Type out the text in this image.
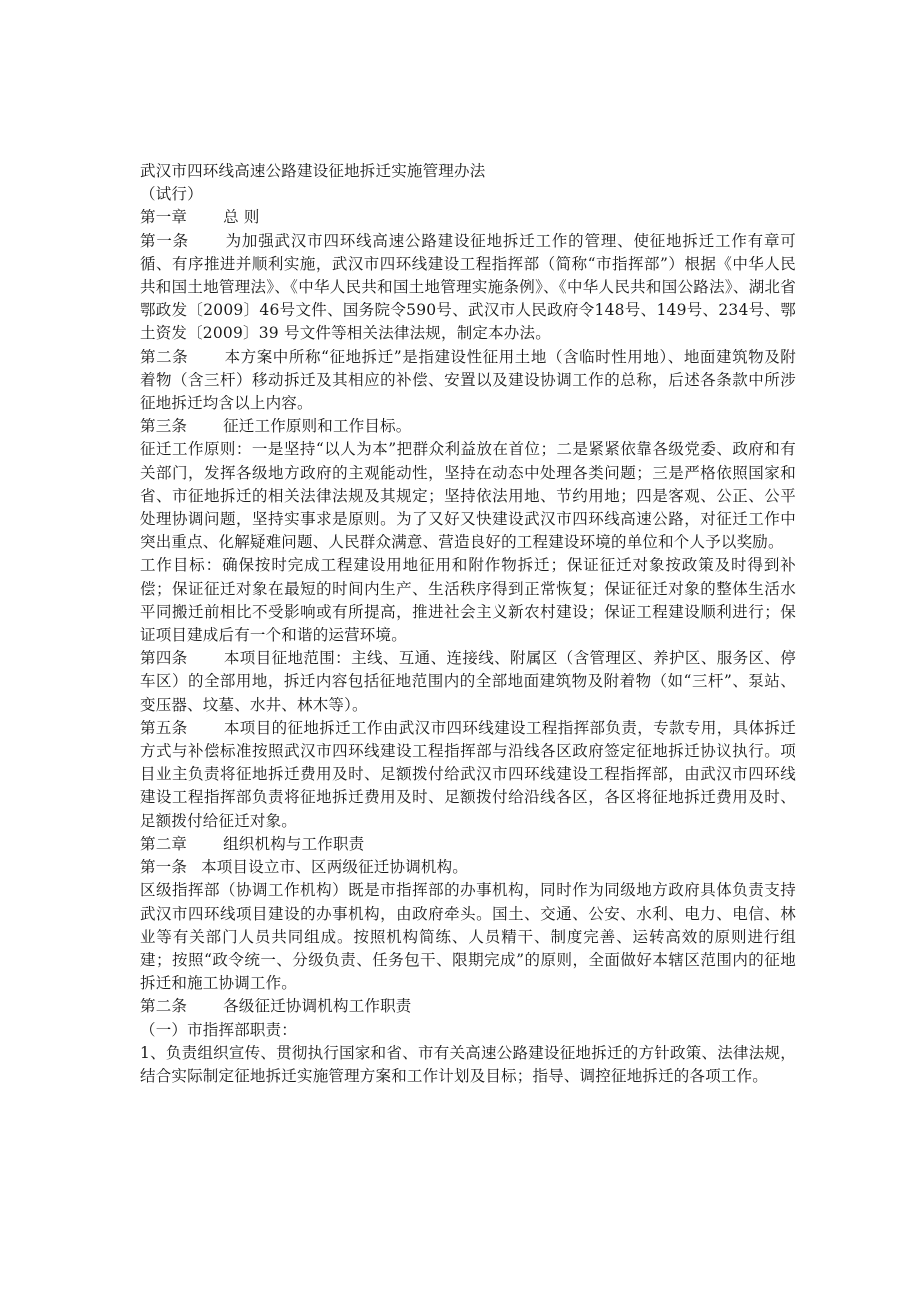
武汉市四环线高速公路建设征地拆迁实施管理办法

（试行）

第一章 总 则

第一条 为加强武汉市四环线高速公路建设征地拆迁工作的管理、使征地拆迁工作有章可循、有序推进并顺利实施，武汉市四环线建设工程指挥部（简称“市指挥部”）根据《中华人民共和国土地管理法》、《中华人民共和国土地管理实施条例》、《中华人民共和国公路法》、湖北省鄂政发〔2009〕46号文件、国务院令590号、武汉市人民政府令148号、149号、234号、鄂土资发〔2009〕39 号文件等相关法律法规，制定本办法。

第二条 本方案中所称“征地拆迁”是指建设性征用土地（含临时性用地）、地面建筑物及附着物（含三杆）移动拆迁及其相应的补偿、安置以及建设协调工作的总称，后述各条款中所涉征地拆迁均含以上内容。

第三条 征迁工作原则和工作目标。

征迁工作原则：一是坚持“以人为本”把群众利益放在首位；二是紧紧依靠各级党委、政府和有关部门，发挥各级地方政府的主观能动性，坚持在动态中处理各类问题；三是严格依照国家和省、市征地拆迁的相关法律法规及其规定；坚持依法用地、节约用地；四是客观、公正、公平处理协调问题，坚持实事求是原则。为了又好又快建设武汉市四环线高速公路，对征迁工作中突出重点、化解疑难问题、人民群众满意、营造良好的工程建设环境的单位和个人予以奖励。

工作目标：确保按时完成工程建设用地征用和附作物拆迁；保证征迁对象按政策及时得到补偿；保证征迁对象在最短的时间内生产、生活秩序得到正常恢复；保证征迁对象的整体生活水平同搬迁前相比不受影响或有所提高，推进社会主义新农村建设；保证工程建设顺利进行；保证项目建成后有一个和谐的运营环境。

第四条 本项目征地范围：主线、互通、连接线、附属区（含管理区、养护区、服务区、停车区）的全部用地，拆迁内容包括征地范围内的全部地面建筑物及附着物（如“三杆”、泵站、变压器、坟墓、水井、林木等）。

第五条 本项目的征地拆迁工作由武汉市四环线建设工程指挥部负责，专款专用，具体拆迁方式与补偿标准按照武汉市四环线建设工程指挥部与沿线各区政府签定征地拆迁协议执行。项目业主负责将征地拆迁费用及时、足额拨付给武汉市四环线建设工程指挥部，由武汉市四环线建设工程指挥部负责将征地拆迁费用及时、足额拨付给沿线各区，各区将征地拆迁费用及时、足额拨付给征迁对象。

第二章 组织机构与工作职责

第一条 本项目设立市、区两级征迁协调机构。

区级指挥部（协调工作机构）既是市指挥部的办事机构，同时作为同级地方政府具体负责支持武汉市四环线项目建设的办事机构，由政府牵头。国土、交通、公安、水利、电力、电信、林业等有关部门人员共同组成。按照机构简练、人员精干、制度完善、运转高效的原则进行组建；按照“政令统一、分级负责、任务包干、限期完成”的原则，全面做好本辖区范围内的征地拆迁和施工协调工作。

第二条 各级征迁协调机构工作职责

（一）市指挥部职责：

1、负责组织宣传、贯彻执行国家和省、市有关高速公路建设征地拆迁的方针政策、法律法规，结合实际制定征地拆迁实施管理方案和工作计划及目标；指导、调控征地拆迁的各项工作。
